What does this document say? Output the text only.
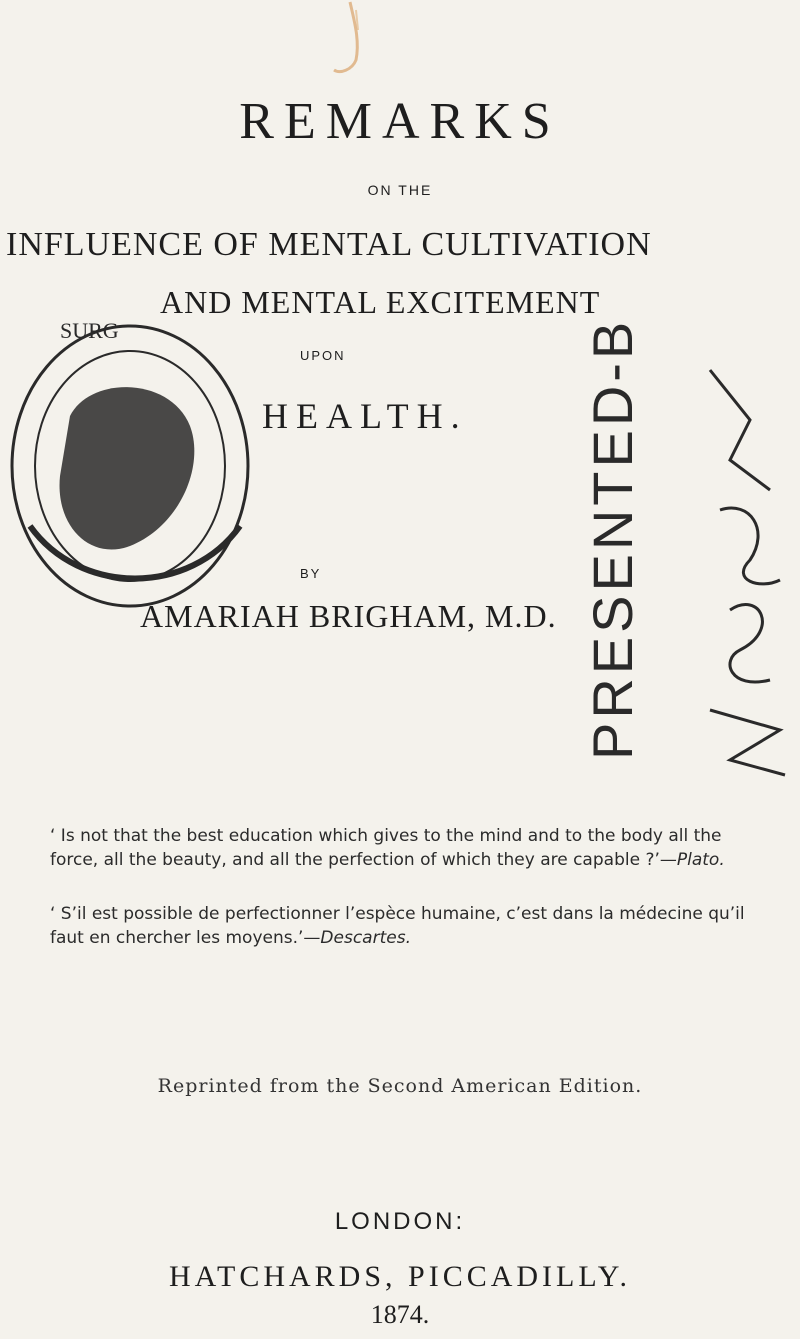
REMARKS
ON THE
INFLUENCE OF MENTAL CULTIVATION
AND MENTAL EXCITEMENT
UPON
HEALTH.
BY
AMARIAH BRIGHAM, M.D.
SURG	PRESENTED-B
‘ Is not that the best education which gives to the mind and to the body all the force, all the beauty, and all the perfection of which they are capable ?’—Plato.
‘ S’il est possible de perfectionner l’espèce humaine, c’est dans la médecine qu’il faut en chercher les moyens.’—Descartes.
Reprinted from the Second American Edition.
LONDON:
HATCHARDS, PICCADILLY.
1874.
